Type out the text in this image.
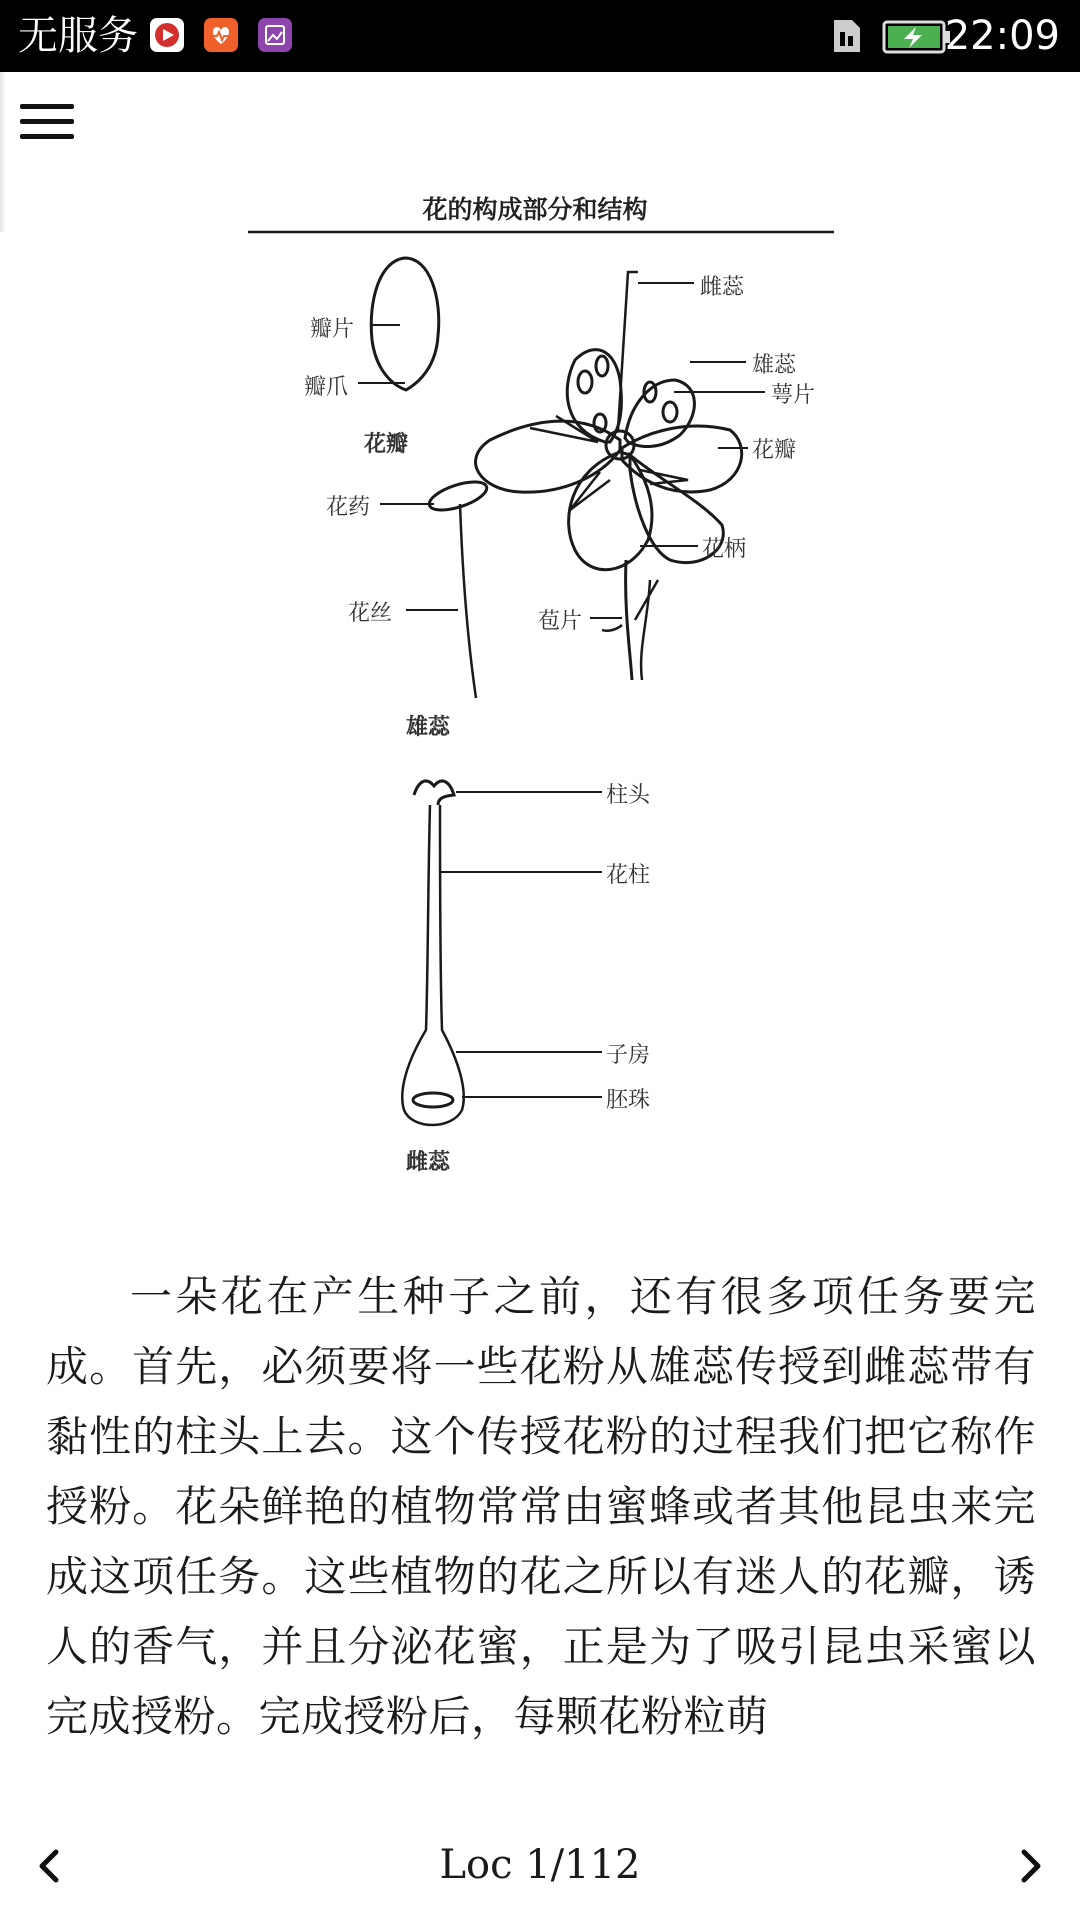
无服务	22:09
花的构成部分和结构
瓣片
瓣爪
花瓣
雌蕊
雄蕊
萼片
花瓣
花柄
苞片
花药
花丝
雄蕊
柱头
花柱
子房
胚珠
雌蕊
一朵花在产生种子之前，还有很多项任务要完成。首先，必须要将一些花粉从雄蕊传授到雌蕊带有黏性的柱头上去。这个传授花粉的过程我们把它称作授粉。花朵鲜艳的植物常常由蜜蜂或者其他昆虫来完成这项任务。这些植物的花之所以有迷人的花瓣，诱人的香气，并且分泌花蜜，正是为了吸引昆虫采蜜以完成授粉。完成授粉后，每颗花粉粒萌
Loc 1/112
